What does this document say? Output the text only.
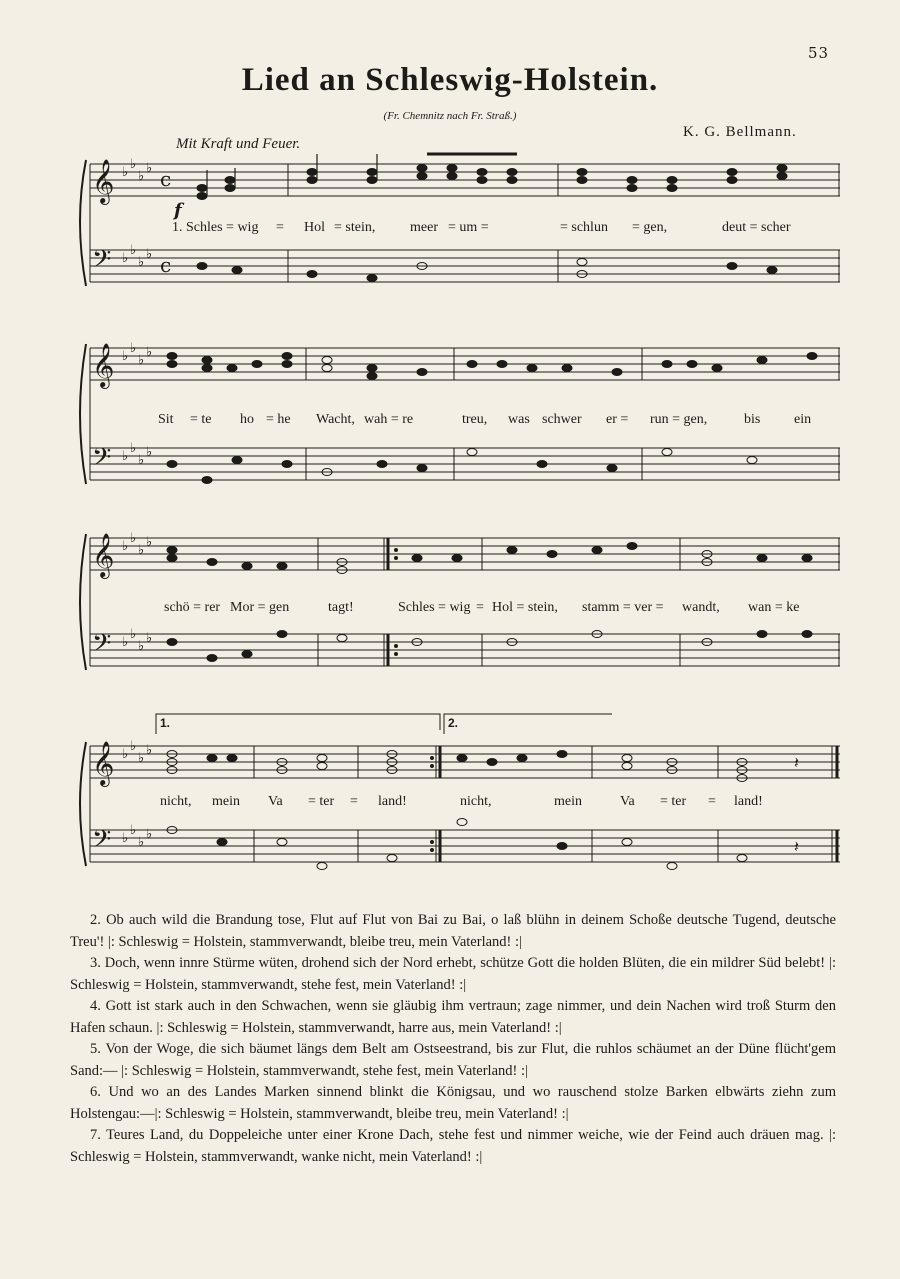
53
Lied an Schleswig-Holstein.
(Fr. Chemnitz nach Fr. Straß.)
Mit Kraft und Feuer.
K. G. Bellmann.
𝄞
𝄢
♭
♭
♭
♭
♭
♭
♭
♭
c
c
f
1. Schles = wig = Hol = stein, meer = um =	= schlun = gen,	deut = scher
𝄞
𝄢
♭
♭
♭
♭
♭
♭
♭
♭
Sit = te ho = he Wacht, wah = re	treu, was schwer er = run = gen,	bis ein
𝄞
𝄢
♭
♭
♭
♭
♭
♭
♭
♭
schö = rer Mor = gen	tagt!	Schles = wig = Hol = stein, stamm = ver = wandt, wan = ke
𝄞
𝄢
♭
♭
♭
♭
♭
♭
♭
♭
𝄽
𝄽
1.	2.
nicht, mein Va = ter = land!	nicht,	mein	Va = ter = land!

2. Ob auch wild die Brandung tose, Flut auf Flut von Bai zu Bai, o laß blühn in deinem Schoße deutsche Tugend, deutsche Treu'! |: Schleswig = Holstein, stammverwandt, bleibe treu, mein Vaterland! :|

3. Doch, wenn innre Stürme wüten, drohend sich der Nord erhebt, schütze Gott die holden Blüten, die ein mildrer Süd belebt! |: Schleswig = Holstein, stammverwandt, stehe fest, mein Vaterland! :|

4. Gott ist stark auch in den Schwachen, wenn sie gläubig ihm vertraun; zage nimmer, und dein Nachen wird troß Sturm den Hafen schaun. |: Schleswig = Holstein, stammverwandt, harre aus, mein Vaterland! :|

5. Von der Woge, die sich bäumet längs dem Belt am Ostseestrand, bis zur Flut, die ruhlos schäumet an der Düne flücht'gem Sand:— |: Schleswig = Holstein, stammverwandt, stehe fest, mein Vaterland! :|

6. Und wo an des Landes Marken sinnend blinkt die Königsau, und wo rauschend stolze Barken elbwärts ziehn zum Holstengau:—|: Schleswig = Holstein, stammverwandt, bleibe treu, mein Vaterland! :|

7. Teures Land, du Doppeleiche unter einer Krone Dach, stehe fest und nimmer weiche, wie der Feind auch dräuen mag. |: Schleswig = Holstein, stammverwandt, wanke nicht, mein Vaterland! :|
